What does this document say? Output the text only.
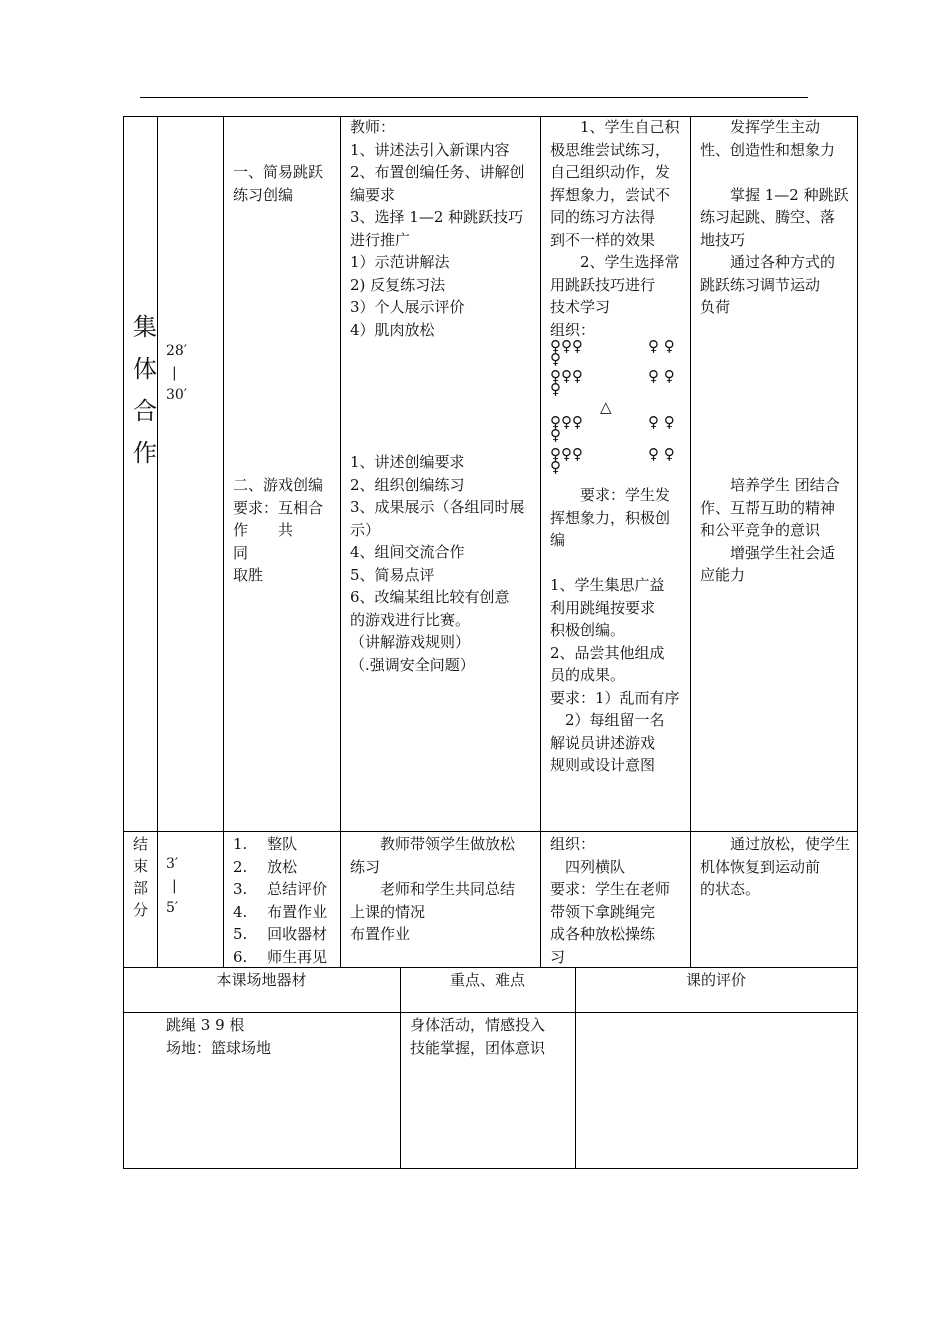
集
体
合
作
28′
|
30′
一、简易跳跃
练习创编
二、游戏创编
要求：互相合
作　　共　　同
取胜
教师：
1、讲述法引入新课内容
2、布置创编任务、讲解创
编要求
3、选择 1—2 种跳跃技巧
进行推广
1）示范讲解法
2) 反复练习法
3）个人展示评价
4）肌肉放松
1、讲述创编要求
2、组织创编练习
3、成果展示（各组同时展
示）
4、组间交流合作
5、简易点评
6、改编某组比较有创意
的游戏进行比赛。
（讲解游戏规则）
（.强调安全问题）
　　1、学生自己积
极思维尝试练习，
自己组织动作，发
挥想象力，尝试不
同的练习方法得
到不一样的效果
　　2、学生选择常
用跳跃技巧进行
技术学习
组织：
♀♀♀
♀
♀♀♀
♀
♀♀♀
♀
♀♀♀
♀
♀ ♀
♀ ♀
♀ ♀
♀ ♀
△
　　要求：学生发
挥想象力，积极创
编

1、学生集思广益
利用跳绳按要求
积极创编。
2、品尝其他组成
员的成果。
要求：1）乱而有序
　2）每组留一名
解说员讲述游戏
规则或设计意图
　　发挥学生主动
性、创造性和想象力

　　掌握 1—2 种跳跃
练习起跳、腾空、落
地技巧
　　通过各种方式的
跳跃练习调节运动
负荷
　　培养学生 团结合
作、互帮互助的精神
和公平竞争的意识
　　增强学生社会适
应能力
结
束
部
分
3′
|
5′
1.　 整队
2.　 放松
3.　 总结评价
4.　 布置作业
5.　 回收器材
6.　 师生再见
　　教师带领学生做放松
练习
　　老师和学生共同总结
上课的情况
布置作业
组织：
　四列横队
要求：学生在老师
带领下拿跳绳完
成各种放松操练
习
　　通过放松，使学生
机体恢复到运动前
的状态。
本课场地器材	重点、难点	课的评价
跳绳 3 9 根
场地：篮球场地
身体活动，情感投入
技能掌握，团体意识
